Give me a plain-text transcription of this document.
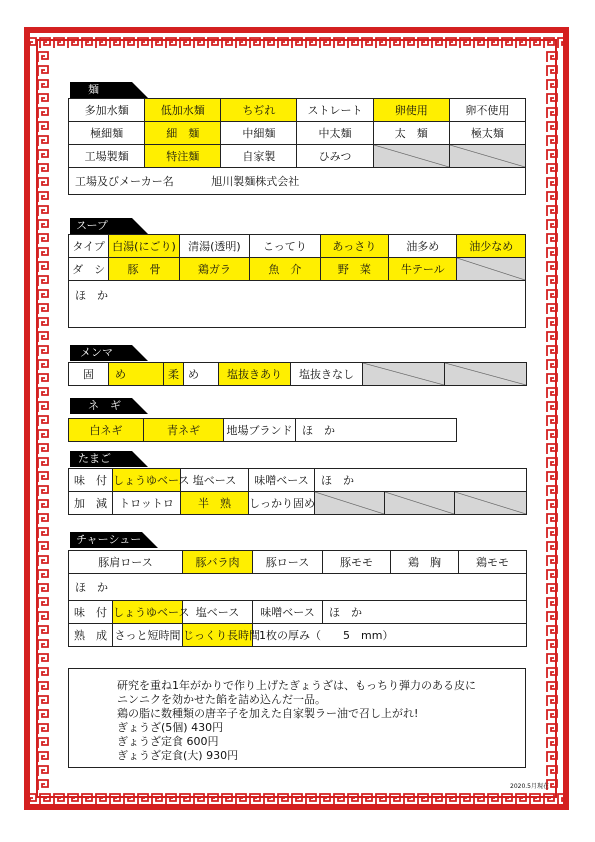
麺
多加水麺	低加水麺	ちぢれ	ストレート	卵使用	卵不使用
極細麺	細　麺	中細麺	中太麺	太　麺	極太麺
工場製麺	特注麺	自家製	ひみつ		
工場及びメーカー名 旭川製麺株式会社					
スープ
タイプ	白湯(にごり)	清湯(透明)	こってり	あっさり	油多め	油少なめ
ダ　シ	豚　骨	鶏ガラ	魚　介	野　菜	牛テール	
ほ　か						
メンマ
固	め	柔	め	塩抜きあり	塩抜きなし		
ネ　ギ
白ネギ	青ネギ	地場ブランド	ほ　か
たまご
味　付	しょうゆベース	塩ベース	味噌ベース	ほ　か		
加　減	トロットロ	半　熟	しっかり固め			
チャーシュー
豚肩ロース		豚バラ肉	豚ロース	豚モモ	鶏　胸	鶏モモ
ほ　か						
味　付	しょうゆベース	塩ベース	味噌ベース	ほ　か		
熟　成	さっと短時間	じっくり長時間	1枚の厚み（　　5　mm）			
研究を重ね1年がかりで作り上げたぎょうざは、もっちり弾力のある皮に
ニンニクを効かせた餡を詰め込んだ一品。
鶏の脂に数種類の唐辛子を加えた自家製ラー油で召し上がれ!
ぎょうざ(5個) 430円
ぎょうざ定食 600円
ぎょうざ定食(大) 930円
2020.5月現在
